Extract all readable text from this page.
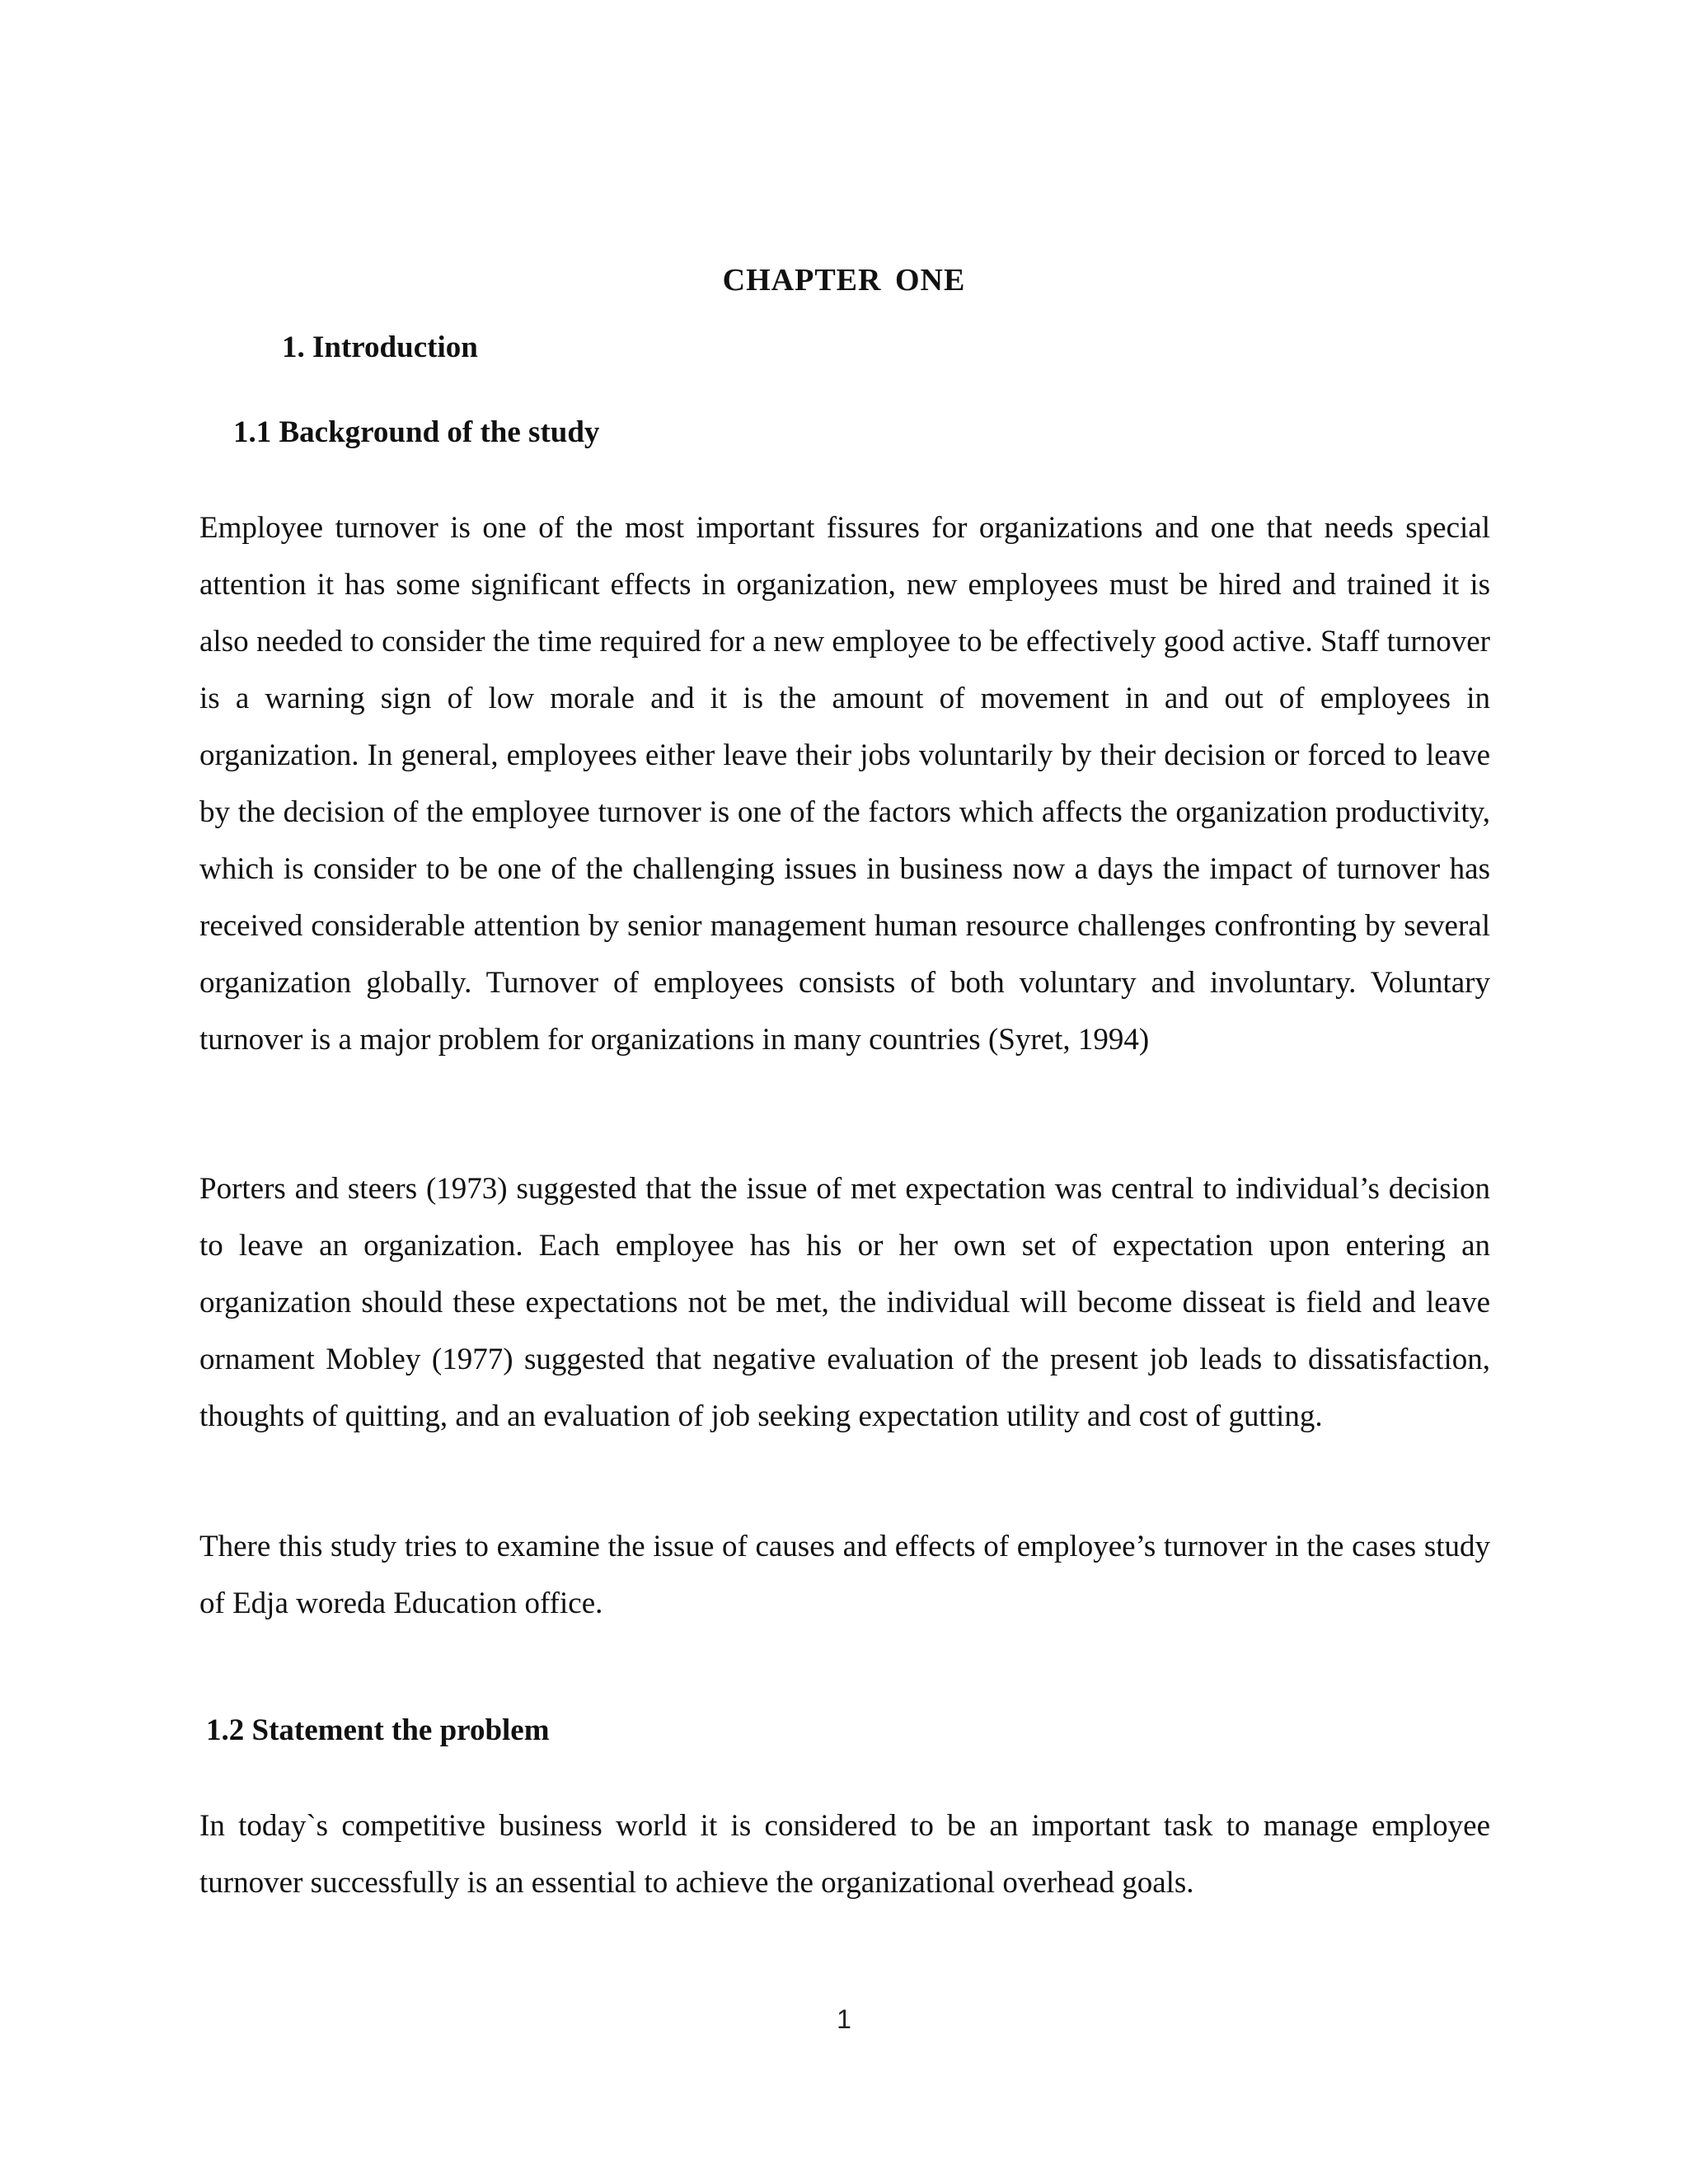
CHAPTER ONE
1. Introduction
1.1 Background of the study

Employee turnover is one of the most important fissures for organizations and one that needs special attention it has some significant effects in organization, new employees must be hired and trained it is also needed to consider the time required for a new employee to be effectively good active. Staff turnover is a warning sign of low morale and it is the amount of movement in and out of employees in organization. In general, employees either leave their jobs voluntarily by their decision or forced to leave by the decision of the employee turnover is one of the factors which affects the organization productivity, which is consider to be one of the challenging issues in business now a days the impact of turnover has received considerable attention by senior management human resource challenges confronting by several organization globally. Turnover of employees consists of both voluntary and involuntary. Voluntary turnover is a major problem for organizations in many countries (Syret, 1994)

Porters and steers (1973) suggested that the issue of met expectation was central to individual’s decision to leave an organization. Each employee has his or her own set of expectation upon entering an organization should these expectations not be met, the individual will become disseat is field and leave ornament Mobley (1977) suggested that negative evaluation of the present job leads to dissatisfaction, thoughts of quitting, and an evaluation of job seeking expectation utility and cost of gutting.

There this study tries to examine the issue of causes and effects of employee’s turnover in the cases study of Edja woreda Education office.

1.2 Statement the problem

In today`s competitive business world it is considered to be an important task to manage employee turnover successfully is an essential to achieve the organizational overhead goals.

1
